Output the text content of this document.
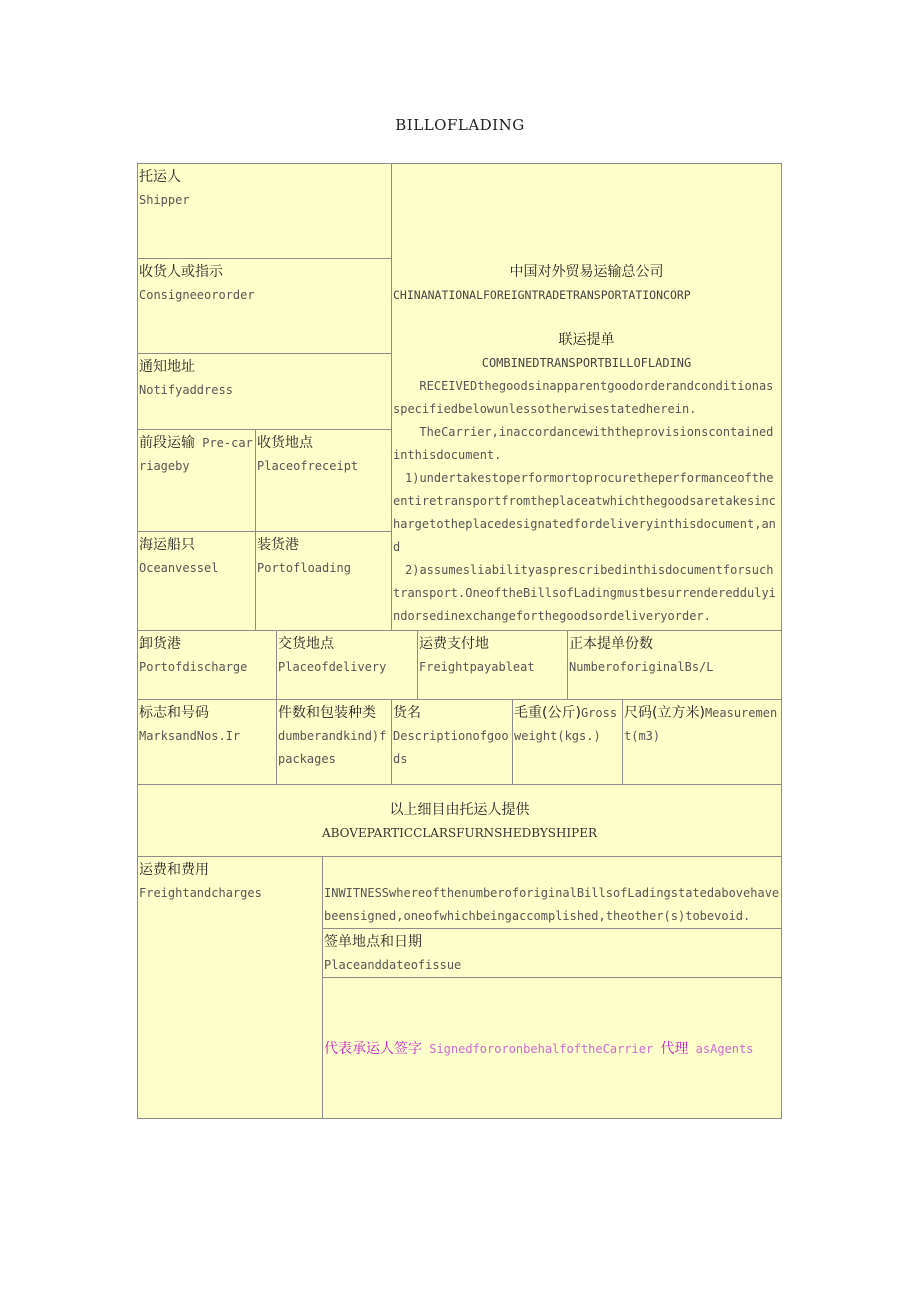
BILLOFLADING
托运人
Shipper
收货人或指示
Consigneeororder
通知地址
Notifyaddress
前段运输 Pre-carriageby
收货地点
Placeofreceipt
海运船只
Oceanvessel
装货港
Portofloading
中国对外贸易运输总公司
CHINANATIONALFOREIGNTRADETRANSPORTATIONCORP
联运提单
COMBINEDTRANSPORTBILLOFLADING
RECEIVEDthegoodsinapparentgoodorderandconditionasspecifiedbelowunlessotherwisestatedherein.
TheCarrier,inaccordancewiththeprovisionscontainedinthisdocument.
1)undertakestoperformortoprocuretheperformanceoftheentiretransportfromtheplaceatwhichthegoodsaretakesinchargetotheplacedesignatedfordeliveryinthisdocument,and
2)assumesliabilityasprescribedinthisdocumentforsuchtransport.OneoftheBillsofLadingmustbesurrendereddulyindorsedinexchangeforthegoodsordeliveryorder.
卸货港
Portofdischarge
交货地点
Placeofdelivery
运费支付地
Freightpayableat
正本提单份数
NumberoforiginalBs/L
标志和号码
MarksandNos.Ir
件数和包装种类
dumberandkind)fpackages
货名
Descriptionofgoods
毛重(公斤)Grossweight(kgs.)
尺码(立方米)Measurement(m3)
以上细目由托运人提供
ABOVEPARTICCLARSFURNSHEDBYSHIPER
运费和费用
Freightandcharges	INWITNESSwhereofthenumberoforiginalBillsofLadingstatedabovehavebeensigned,oneofwhichbeingaccomplished,theother(s)tobevoid.
签单地点和日期
Placeanddateofissue
代表承运人签字 SignedfororonbehalfoftheCarrier 代理 asAgents
